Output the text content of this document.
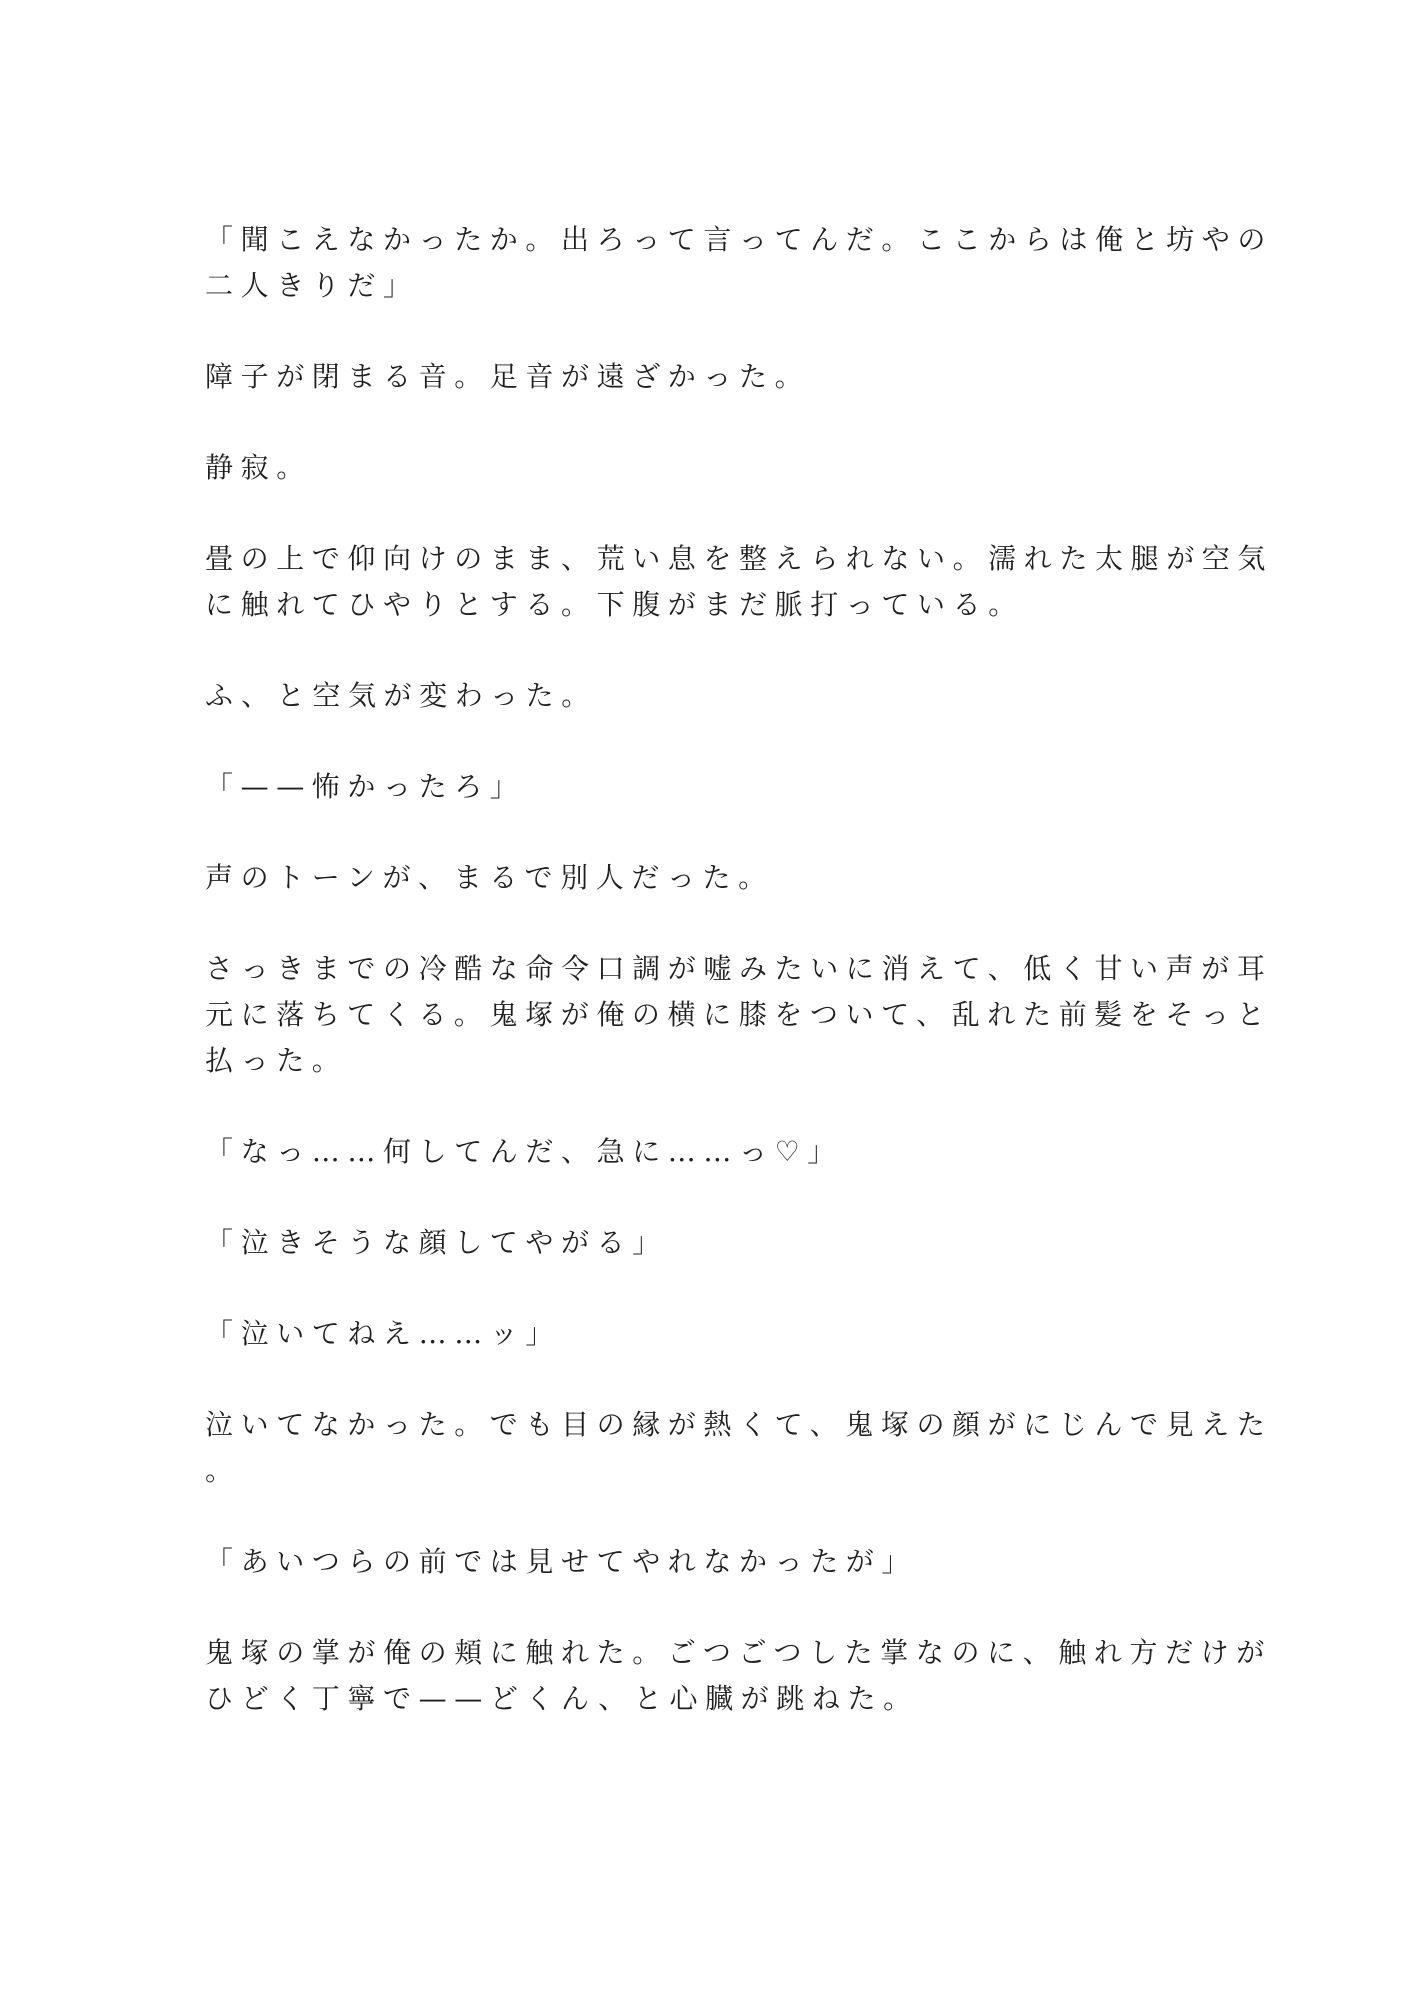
「聞こえなかったか。出ろって言ってんだ。ここからは俺と坊やの
二人きりだ」

障子が閉まる音。足音が遠ざかった。

静寂。

畳の上で仰向けのまま、荒い息を整えられない。濡れた太腿が空気
に触れてひやりとする。下腹がまだ脈打っている。

ふ、と空気が変わった。

「——怖かったろ」

声のトーンが、まるで別人だった。

さっきまでの冷酷な命令口調が嘘みたいに消えて、低く甘い声が耳
元に落ちてくる。鬼塚が俺の横に膝をついて、乱れた前髪をそっと
払った。

「なっ……何してんだ、急に……っ♡」

「泣きそうな顔してやがる」

「泣いてねえ……ッ」

泣いてなかった。でも目の縁が熱くて、鬼塚の顔がにじんで見えた
。

「あいつらの前では見せてやれなかったが」

鬼塚の掌が俺の頬に触れた。ごつごつした掌なのに、触れ方だけが
ひどく丁寧で——どくん、と心臓が跳ねた。
